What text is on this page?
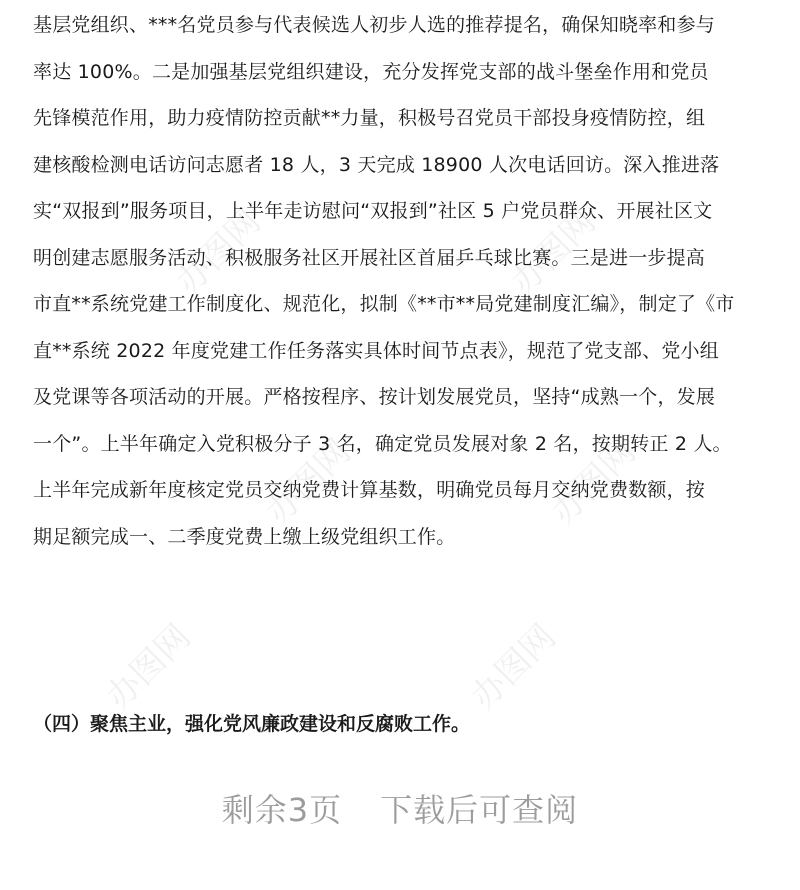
办图网	办图网
办图网	办图网
办图网	办图网
基层党组织、***名党员参与代表候选人初步人选的推荐提名，确保知晓率和参与
率达 100%。二是加强基层党组织建设，充分发挥党支部的战斗堡垒作用和党员
先锋模范作用，助力疫情防控贡献**力量，积极号召党员干部投身疫情防控，组
建核酸检测电话访问志愿者 18 人，3 天完成 18900 人次电话回访。深入推进落
实“双报到”服务项目，上半年走访慰问“双报到”社区 5 户党员群众、开展社区文
明创建志愿服务活动、积极服务社区开展社区首届乒乓球比赛。三是进一步提高
市直**系统党建工作制度化、规范化，拟制《**市**局党建制度汇编》，制定了《市
直**系统 2022 年度党建工作任务落实具体时间节点表》，规范了党支部、党小组
及党课等各项活动的开展。严格按程序、按计划发展党员，坚持“成熟一个，发展
一个”。上半年确定入党积极分子 3 名，确定党员发展对象 2 名，按期转正 2 人。
上半年完成新年度核定党员交纳党费计算基数，明确党员每月交纳党费数额，按
期足额完成一、二季度党费上缴上级党组织工作。
（四）聚焦主业，强化党风廉政建设和反腐败工作。
剩余3页 下载后可查阅
